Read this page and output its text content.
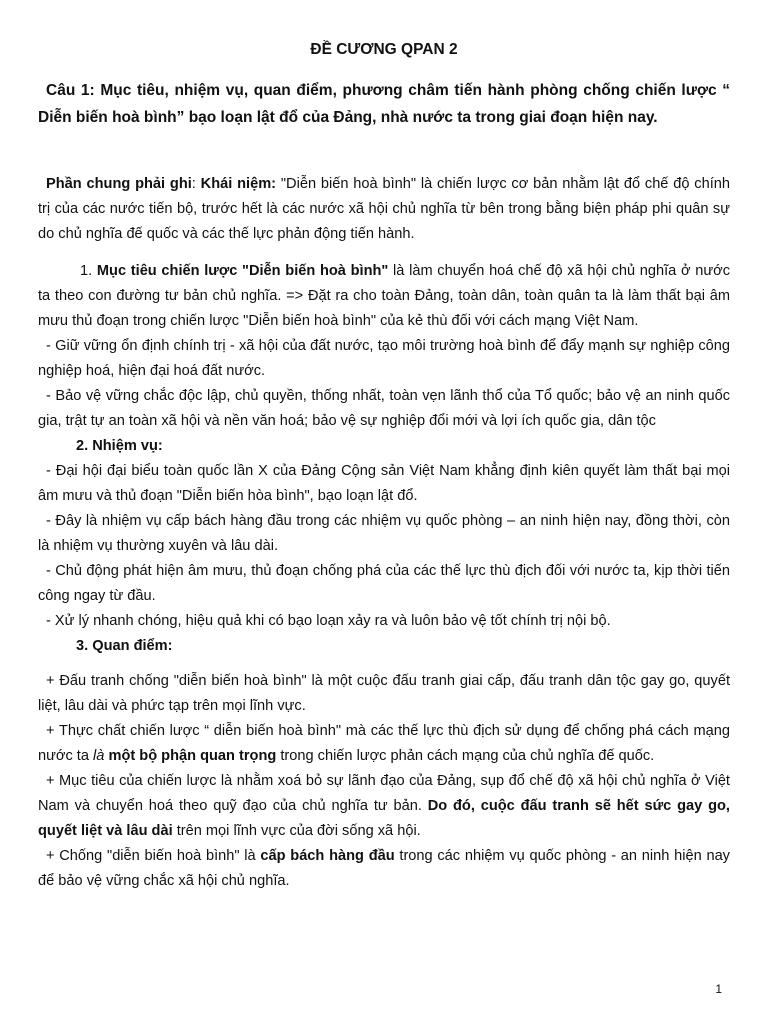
ĐỀ CƯƠNG QPAN 2
Câu 1: Mục tiêu, nhiệm vụ, quan điểm, phương châm tiến hành phòng chống chiến lược “ Diễn biến hoà bình” bạo loạn lật đổ của Đảng, nhà nước ta trong giai đoạn hiện nay.

Phần chung phải ghi: Khái niệm: "Diễn biến hoà bình" là chiến lược cơ bản nhằm lật đổ chế độ chính trị của các nước tiến bộ, trước hết là các nước xã hội chủ nghĩa từ bên trong bằng biện pháp phi quân sự do chủ nghĩa đế quốc và các thế lực phản động tiến hành.

1. Mục tiêu chiến lược "Diễn biến hoà bình" là làm chuyển hoá chế độ xã hội chủ nghĩa ở nước ta theo con đường tư bản chủ nghĩa. => Đặt ra cho toàn Đảng, toàn dân, toàn quân ta là làm thất bại âm mưu thủ đoạn trong chiến lược "Diễn biến hoà bình" của kẻ thù đối với cách mạng Việt Nam.

- Giữ vững ổn định chính trị - xã hội của đất nước, tạo môi trường hoà bình để đẩy mạnh sự nghiệp công nghiệp hoá, hiện đại hoá đất nước.

- Bảo vệ vững chắc độc lập, chủ quyền, thống nhất, toàn vẹn lãnh thổ của Tổ quốc; bảo vệ an ninh quốc gia, trật tự an toàn xã hội và nền văn hoá; bảo vệ sự nghiệp đổi mới và lợi ích quốc gia, dân tộc

2. Nhiệm vụ:

- Đại hội đại biểu toàn quốc lần X của Đảng Cộng sản Việt Nam khẳng định kiên quyết làm thất bại mọi âm mưu và thủ đoạn "Diễn biến hòa bình", bạo loạn lật đổ.

- Đây là nhiệm vụ cấp bách hàng đầu trong các nhiệm vụ quốc phòng – an ninh hiện nay, đồng thời, còn là nhiệm vụ thường xuyên và lâu dài.

- Chủ động phát hiện âm mưu, thủ đoạn chống phá của các thế lực thù địch đối với nước ta, kịp thời tiến công ngay từ đầu.

- Xử lý nhanh chóng, hiệu quả khi có bạo loạn xảy ra và luôn bảo vệ tốt chính trị nội bộ.

3. Quan điểm:

+ Đấu tranh chống "diễn biến hoà bình" là một cuộc đấu tranh giai cấp, đấu tranh dân tộc gay go, quyết liệt, lâu dài và phức tạp trên mọi lĩnh vực.

+ Thực chất chiến lược “ diễn biến hoà bình" mà các thế lực thù địch sử dụng để chống phá cách mạng nước ta là một bộ phận quan trọng trong chiến lược phản cách mạng của chủ nghĩa đế quốc.

+ Mục tiêu của chiến lược là nhằm xoá bỏ sự lãnh đạo của Đảng, sụp đổ chế độ xã hội chủ nghĩa ở Việt Nam và chuyển hoá theo quỹ đạo của chủ nghĩa tư bản. Do đó, cuộc đấu tranh sẽ hết sức gay go, quyết liệt và lâu dài trên mọi lĩnh vực của đời sống xã hội.

+ Chống "diễn biến hoà bình" là cấp bách hàng đầu trong các nhiệm vụ quốc phòng - an ninh hiện nay để bảo vệ vững chắc xã hội chủ nghĩa.

1
